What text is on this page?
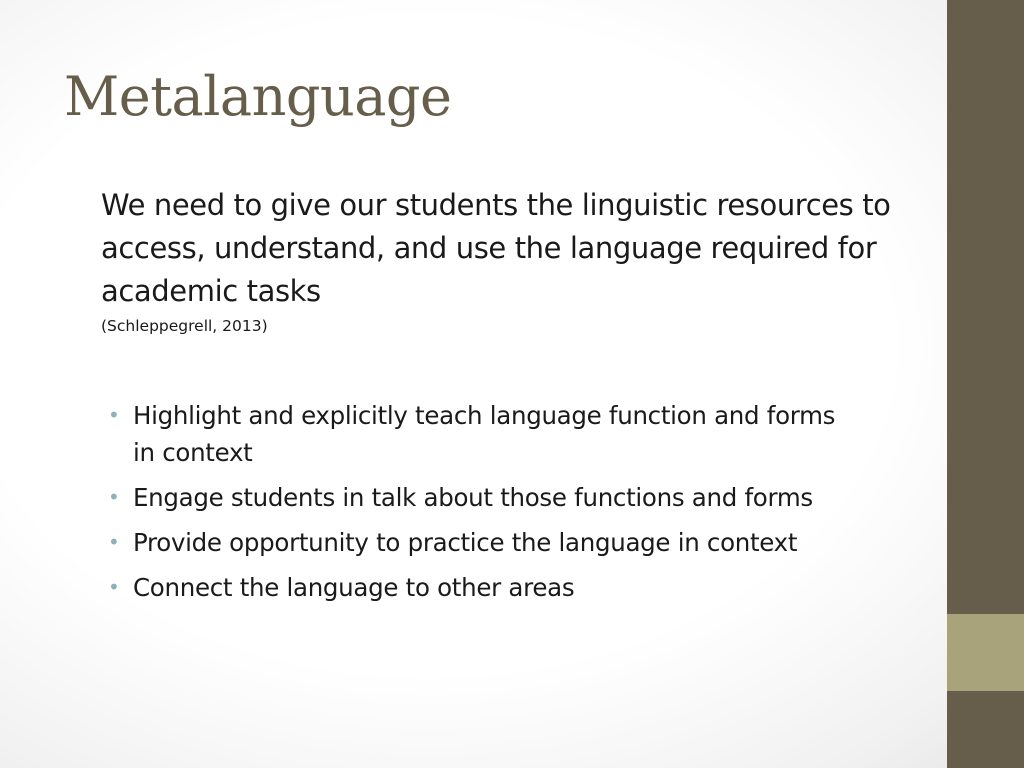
Metalanguage

We need to give our students the linguistic resources to access, understand, and use the language required for academic tasks

(Schleppegrell, 2013)

• Highlight and explicitly teach language function and forms in context
• Engage students in talk about those functions and forms
• Provide opportunity to practice the language in context
• Connect the language to other areas
